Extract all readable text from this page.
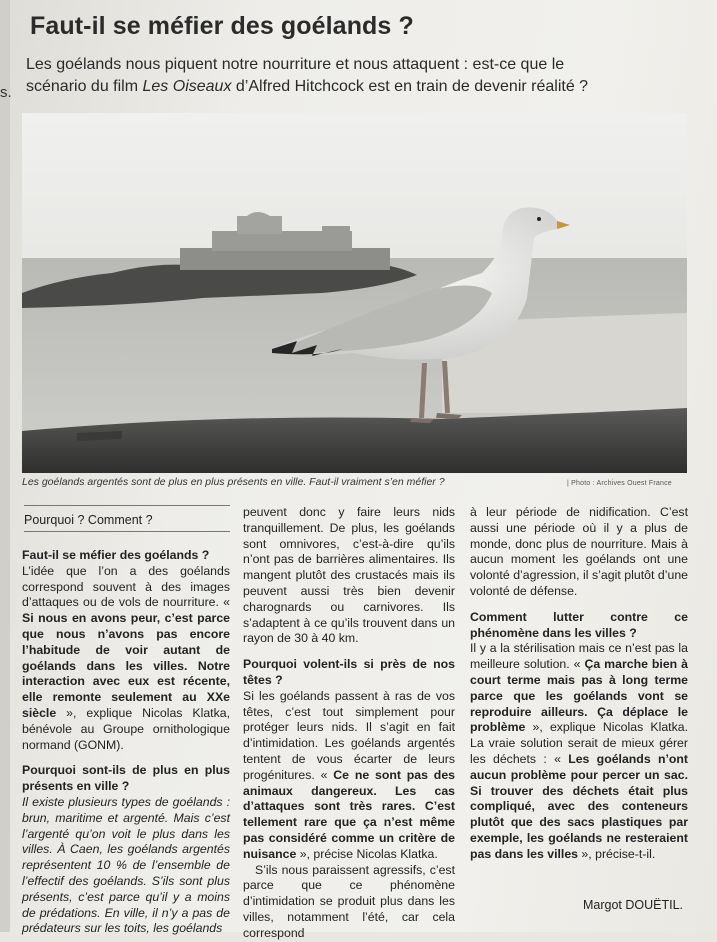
Faut-il se méfier des goélands ?

Les goélands nous piquent notre nourriture et nous attaquent : est-ce que le
scénario du film Les Oiseaux d’Alfred Hitchcock est en train de devenir réalité ?

Les goélands argentés sont de plus en plus présents en ville. Faut-il vraiment s’en méfier ?	| Photo : Archives Ouest France
Pourquoi ? Comment ?

Faut-il se méfier des goélands ?

L’idée que l’on a des goélands correspond souvent à des images d’attaques ou de vols de nourriture. « Si nous en avons peur, c’est parce que nous n’avons pas encore l’habitude de voir autant de goélands dans les villes. Notre interaction avec eux est récente, elle remonte seulement au XXe siècle », explique Nicolas Klatka, bénévole au Groupe ornithologique normand (GONM).

Pourquoi sont-ils de plus en plus présents en ville ?

Il existe plusieurs types de goélands : brun, maritime et argenté. Mais c’est l’argenté qu’on voit le plus dans les villes. À Caen, les goélands argentés représentent 10 % de l’ensemble de l’effectif des goélands. S’ils sont plus présents, c’est parce qu’il y a moins de prédations. En ville, il n’y a pas de prédateurs sur les toits, les goélands

peuvent donc y faire leurs nids tranquillement. De plus, les goélands sont omnivores, c’est-à-dire qu’ils n’ont pas de barrières alimentaires. Ils mangent plutôt des crustacés mais ils peuvent aussi très bien devenir charognards ou carnivores. Ils s’adaptent à ce qu’ils trouvent dans un rayon de 30 à 40 km.

Pourquoi volent-ils si près de nos têtes ?

Si les goélands passent à ras de vos têtes, c’est tout simplement pour protéger leurs nids. Il s’agit en fait d’intimidation. Les goélands argentés tentent de vous écarter de leurs progénitures. « Ce ne sont pas des animaux dangereux. Les cas d’attaques sont très rares. C’est tellement rare que ça n’est même pas considéré comme un critère de nuisance », précise Nicolas Klatka.

S’ils nous paraissent agressifs, c’est parce que ce phénomène d’intimidation se produit plus dans les villes, notamment l’été, car cela correspond

à leur période de nidification. C’est aussi une période où il y a plus de monde, donc plus de nourriture. Mais à aucun moment les goélands ont une volonté d’agression, il s’agit plutôt d’une volonté de défense.

Comment lutter contre ce phénomène dans les villes ?

Il y a la stérilisation mais ce n’est pas la meilleure solution. « Ça marche bien à court terme mais pas à long terme parce que les goélands vont se reproduire ailleurs. Ça déplace le problème », explique Nicolas Klatka. La vraie solution serait de mieux gérer les déchets : « Les goélands n’ont aucun problème pour percer un sac. Si trouver des déchets était plus compliqué, avec des conteneurs plutôt que des sacs plastiques par exemple, les goélands ne resteraient pas dans les villes », précise-t-il.

Margot DOUËTIL.
s.
